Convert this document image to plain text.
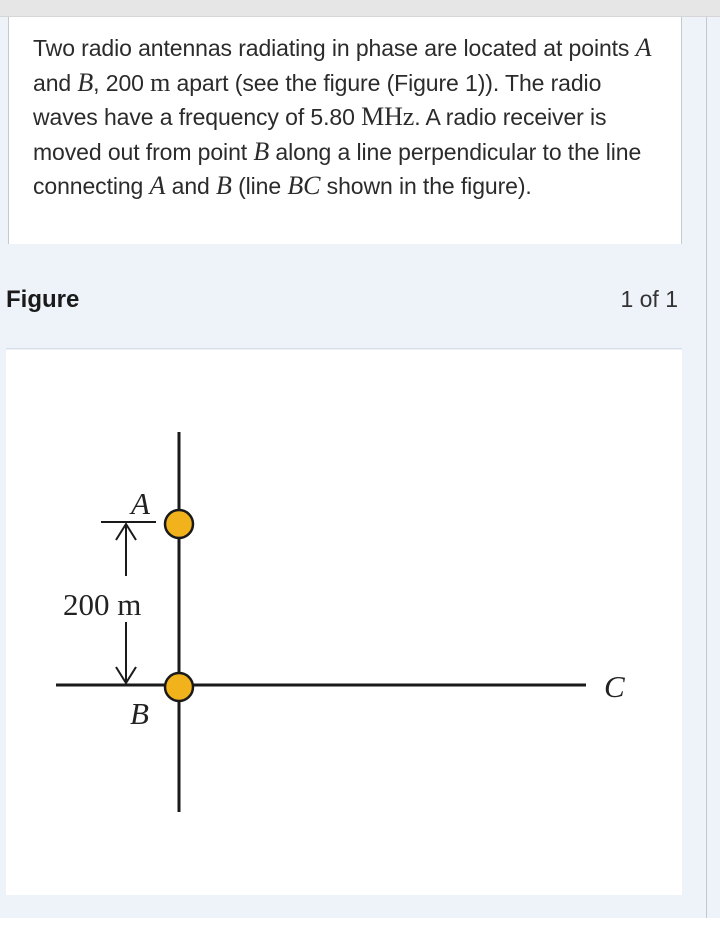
Two radio antennas radiating in phase are located at points A and B, 200 m apart (see the figure (Figure 1)). The radio waves have a frequency of 5.80 MHz. A radio receiver is moved out from point B along a line perpendicular to the line connecting A and B (line BC shown in the figure).

Figure	1 of 1
A
B
C
200 m
